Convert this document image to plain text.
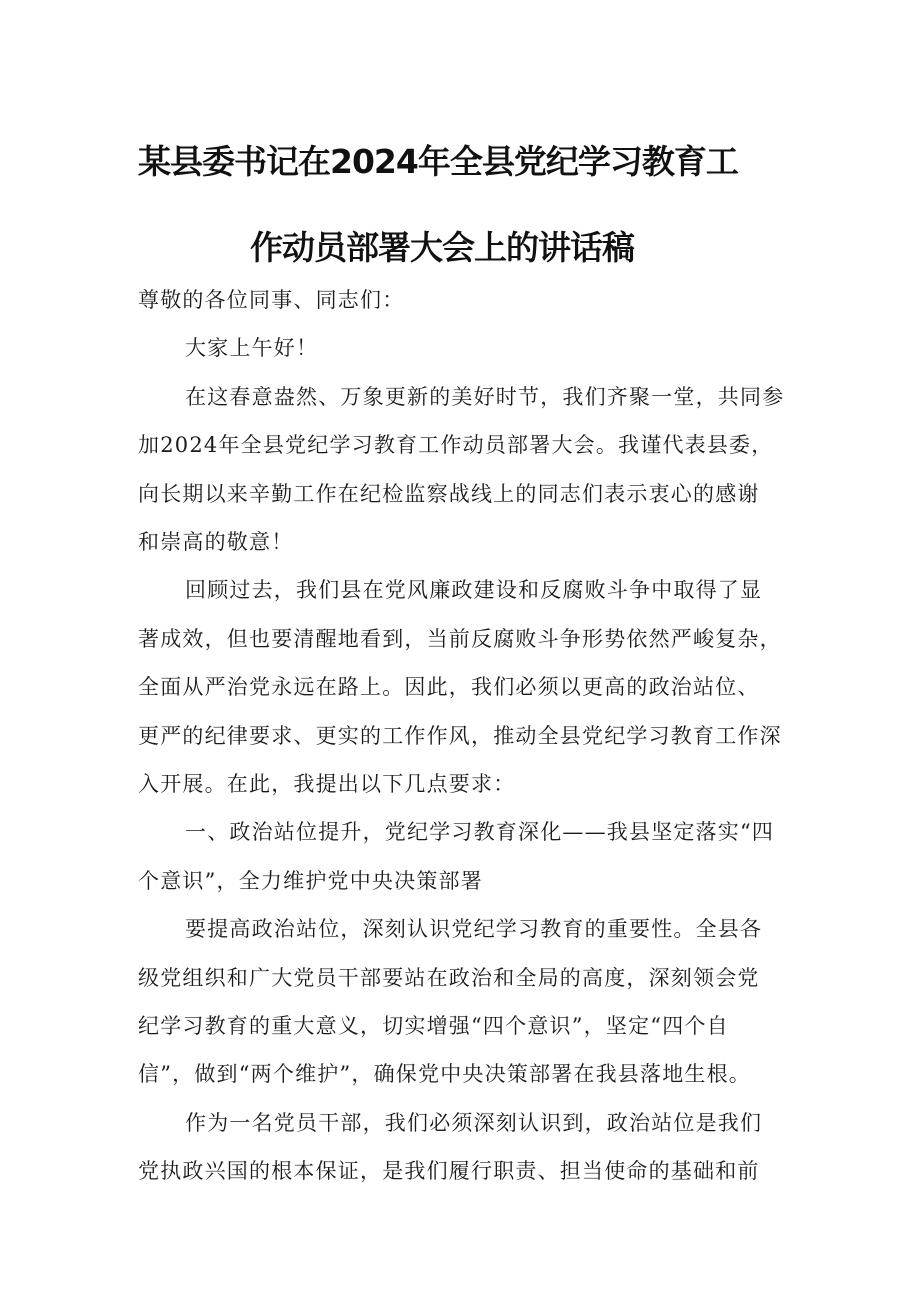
某县委书记在2024年全县党纪学习教育工
作动员部署大会上的讲话稿
尊敬的各位同事、同志们：
大家上午好！
在这春意盎然、万象更新的美好时节，我们齐聚一堂，共同参
加2024年全县党纪学习教育工作动员部署大会。我谨代表县委，
向长期以来辛勤工作在纪检监察战线上的同志们表示衷心的感谢
和崇高的敬意！
回顾过去，我们县在党风廉政建设和反腐败斗争中取得了显
著成效，但也要清醒地看到，当前反腐败斗争形势依然严峻复杂，
全面从严治党永远在路上。因此，我们必须以更高的政治站位、
更严的纪律要求、更实的工作作风，推动全县党纪学习教育工作深
入开展。在此，我提出以下几点要求：
一、政治站位提升，党纪学习教育深化——我县坚定落实“四
个意识”，全力维护党中央决策部署
要提高政治站位，深刻认识党纪学习教育的重要性。全县各
级党组织和广大党员干部要站在政治和全局的高度，深刻领会党
纪学习教育的重大意义，切实增强“四个意识”，坚定“四个自
信”，做到“两个维护”，确保党中央决策部署在我县落地生根。
作为一名党员干部，我们必须深刻认识到，政治站位是我们
党执政兴国的根本保证，是我们履行职责、担当使命的基础和前
